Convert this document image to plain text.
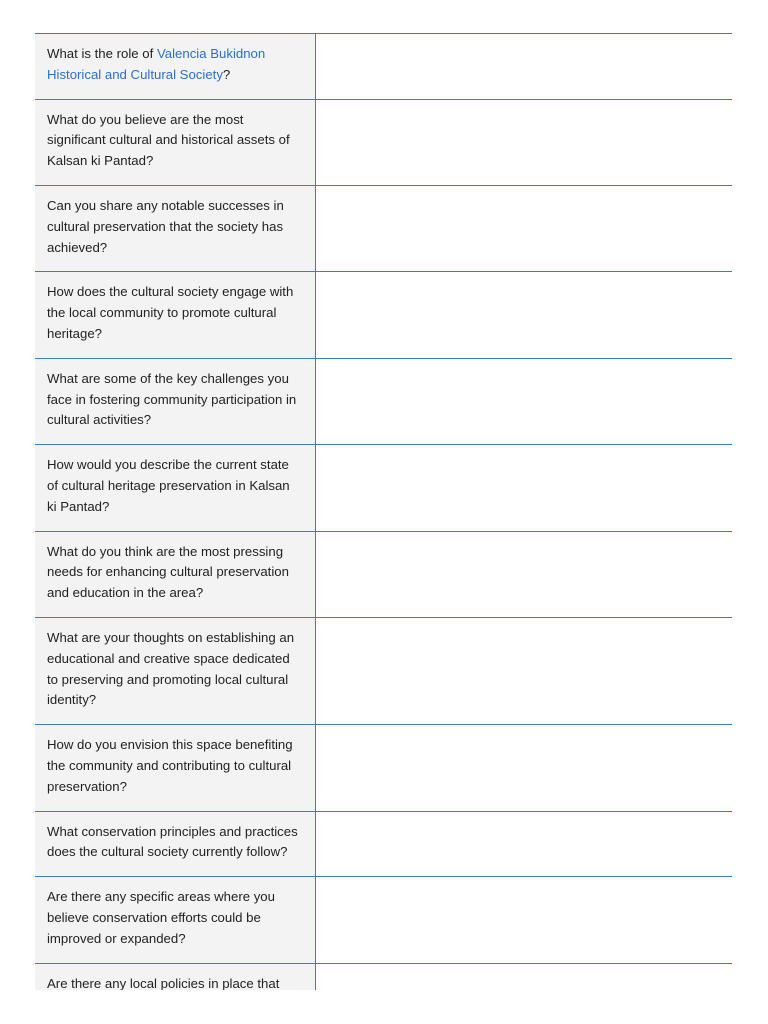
What is the role of Valencia Bukidnon Historical and Cultural Society?	
What do you believe are the most significant cultural and historical assets of Kalsan ki Pantad?	
Can you share any notable successes in cultural preservation that the society has achieved?	
How does the cultural society engage with the local community to promote cultural heritage?	
What are some of the key challenges you face in fostering community participation in cultural activities?	
How would you describe the current state of cultural heritage preservation in Kalsan ki Pantad?	
What do you think are the most pressing needs for enhancing cultural preservation and education in the area?	
What are your thoughts on establishing an educational and creative space dedicated to preserving and promoting local cultural identity?	
How do you envision this space benefiting the community and contributing to cultural preservation?	
What conservation principles and practices does the cultural society currently follow?	
Are there any specific areas where you believe conservation efforts could be improved or expanded?	
Are there any local policies in place that	
